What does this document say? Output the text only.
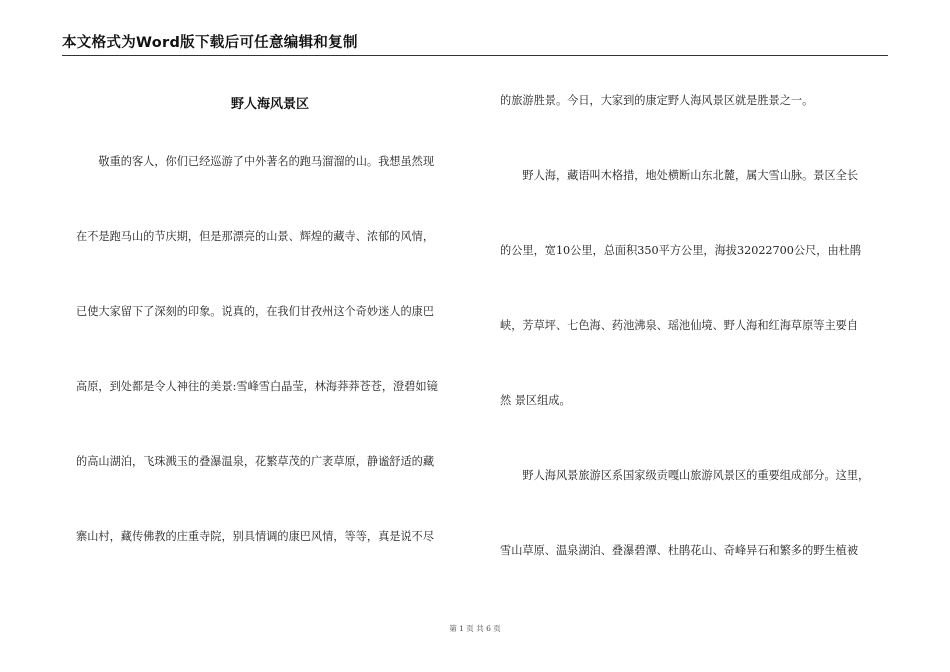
本文格式为Word版下载后可任意编辑和复制
野人海风景区
　　敬重的客人，你们已经巡游了中外著名的跑马溜溜的山。我想虽然现
在不是跑马山的节庆期，但是那漂亮的山景、辉煌的藏寺、浓郁的风情，
已使大家留下了深刻的印象。说真的，在我们甘孜州这个奇妙迷人的康巴
高原，到处都是令人神往的美景:雪峰雪白晶莹，林海莽莽苍苍，澄碧如镜
的高山湖泊，飞珠溅玉的叠瀑温泉，花繁草茂的广袤草原，静谧舒适的藏
寨山村，藏传佛教的庄重寺院，别具情调的康巴风情，等等，真是说不尽
的旅游胜景。今日，大家到的康定野人海风景区就是胜景之一。
　　野人海，藏语叫木格措，地处横断山东北麓，属大雪山脉。景区全长
的公里，宽10公里，总面积350平方公里，海拔32022700公尺，由杜鹃
峡，芳草坪、七色海、药池沸泉、瑶池仙境、野人海和红海草原等主要自
然 景区组成。
　　野人海风景旅游区系国家级贡嘎山旅游风景区的重要组成部分。这里，
雪山草原、温泉湖泊、叠瀑碧潭、杜鹃花山、奇峰异石和繁多的野生植被
第 1 页 共 6 页
